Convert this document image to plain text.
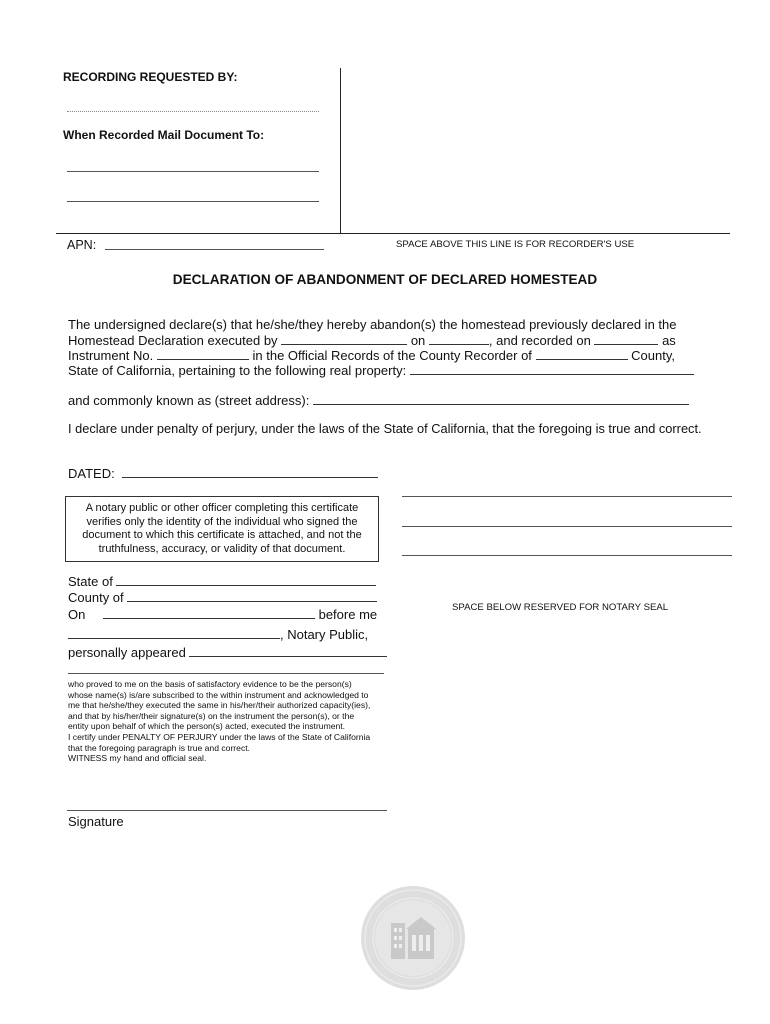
RECORDING REQUESTED BY:
When Recorded Mail Document To:
APN:	SPACE ABOVE THIS LINE IS FOR RECORDER'S USE
DECLARATION OF ABANDONMENT OF DECLARED HOMESTEAD
The undersigned declare(s) that he/she/they hereby abandon(s) the homestead previously declared in the
Homestead Declaration executed by	on	, and recorded on	as
Instrument No.	in the Official Records of the County Recorder of	County,
State of California, pertaining to the following real property:
and commonly known as (street address):
I declare under penalty of perjury, under the laws of the State of California, that the foregoing is true and correct.
DATED:
A notary public or other officer completing this certificate
verifies only the identity of the individual who signed the
document to which this certificate is attached, and not the
truthfulness, accuracy, or validity of that document.
State of
County of
On	before me	SPACE BELOW RESERVED FOR NOTARY SEAL
, Notary Public,
personally appeared
who proved to me on the basis of satisfactory evidence to be the person(s)
whose name(s) is/are subscribed to the within instrument and acknowledged to
me that he/she/they executed the same in his/her/their authorized capacity(ies),
and that by his/her/their signature(s) on the instrument the person(s), or the
entity upon behalf of which the person(s) acted, executed the instrument.
I certify under PENALTY OF PERJURY under the laws of the State of California
that the foregoing paragraph is true and correct.
WITNESS my hand and official seal.
Signature
